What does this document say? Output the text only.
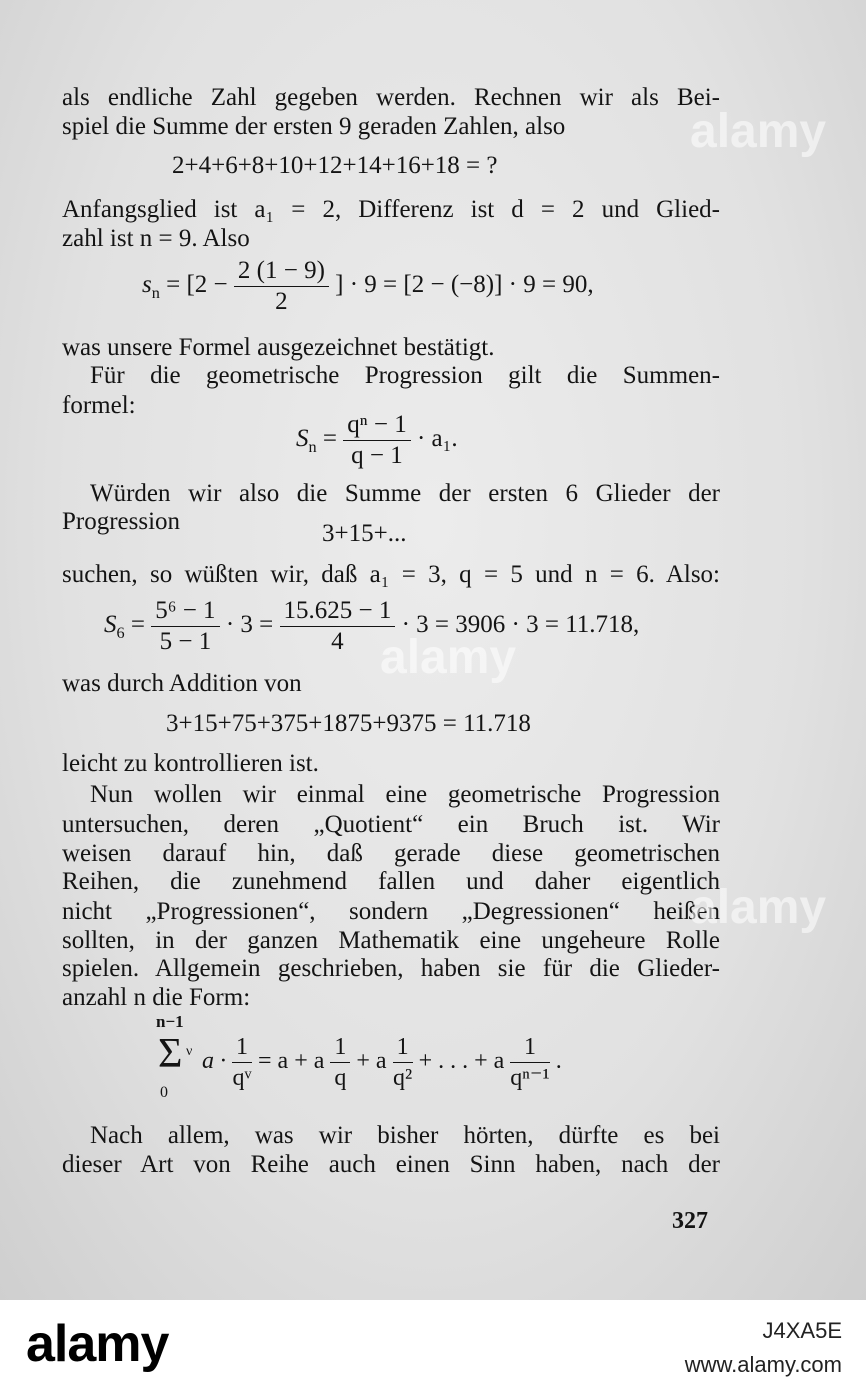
als endliche Zahl gegeben werden. Rechnen wir als Bei-
spiel die Summe der ersten 9 geraden Zahlen, also
2+4+6+8+10+12+14+16+18 = ?
Anfangsglied ist a₁ = 2, Differenz ist d = 2 und Glied-
zahl ist n = 9. Also
$s_n = [2 - \frac{2 (1 - 9)}{2}$ ] · 9 = [2 − (−8)] · 9 = 90,
was unsere Formel ausgezeichnet bestätigt.
Für die geometrische Progression gilt die Summen-
formel:
$S_n = \frac{\text{qⁿ − 1}}{q - 1} \cdot a_1$.
Würden wir also die Summe der ersten 6 Glieder der
Progression	3+15+...
suchen, so wüßten wir, daß a₁ = 3, q = 5 und n = 6. Also:
$S_6 = \frac{\text{5⁶ − 1}}{5 - 1} \cdot 3 = \frac{15.625 - 1}{4} \cdot 3 = 3906 \cdot 3 = 11.718$,
was durch Addition von
3+15+75+375+1875+9375 = 11.718
leicht zu kontrollieren ist.
Nun wollen wir einmal eine geometrische Progression
untersuchen, deren „Quotient“ ein Bruch ist. Wir
weisen darauf hin, daß gerade diese geometrischen
Reihen, die zunehmend fallen und daher eigentlich
nicht „Progressionen“, sondern „Degressionen“ heißen
sollten, in der ganzen Mathematik eine ungeheure Rolle
spielen. Allgemein geschrieben, haben sie für die Glieder-
anzahl n die Form:
n−1
Σ ν
0
$a \cdot \frac{1}{\text{qᵛ}} = a + a \frac{1}{q} + a \frac{1}{\text{q²}}$ + . . . + a $\frac{1}{\text{qⁿ⁻¹}}$ .
Nach allem, was wir bisher hörten, dürfte es bei
dieser Art von Reihe auch einen Sinn haben, nach der
327
alamy
alamy
alamy
alamy	J4XA5E
www.alamy.com
